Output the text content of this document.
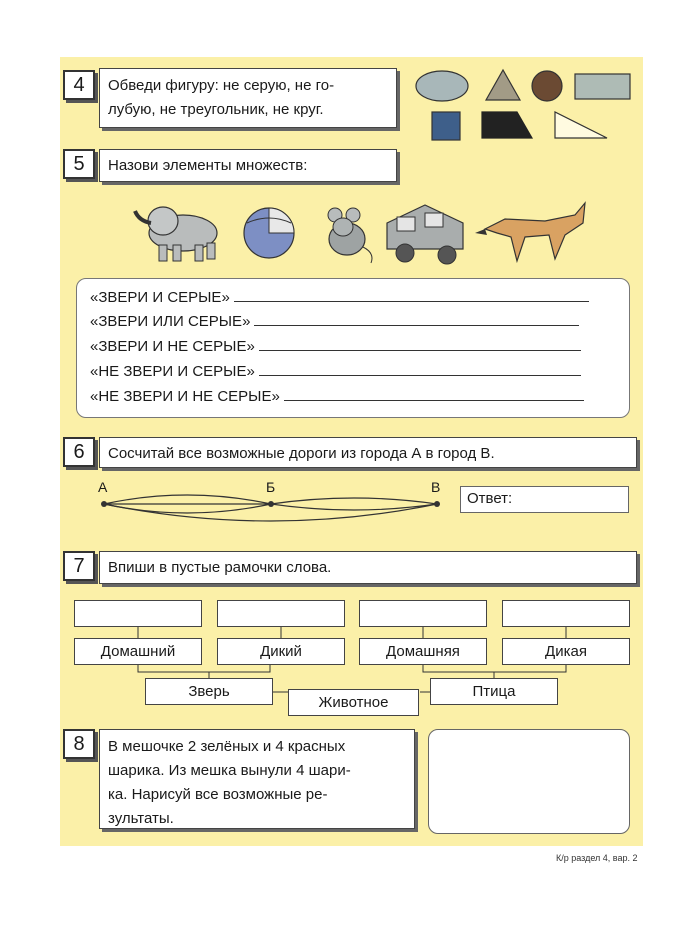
4	Обведи фигуру: не серую, не го-
лубую, не треугольник, не круг.
5	Назови элементы множеств:
«ЗВЕРИ И СЕРЫЕ»
«ЗВЕРИ ИЛИ СЕРЫЕ»
«ЗВЕРИ И НЕ СЕРЫЕ»
«НЕ ЗВЕРИ И СЕРЫЕ»
«НЕ ЗВЕРИ И НЕ СЕРЫЕ»
6	Сосчитай все возможные дороги из города А в город В.
А	Б	В
Ответ:
7	Впиши в пустые рамочки слова.
Домашний	Дикий	Домашняя	Дикая
Зверь	Птица
Животное
8	В мешочке 2 зелёных и 4 красных
шарика. Из мешка вынули 4 шари-
ка. Нарисуй все возможные ре-
зультаты.
К/р раздел 4, вар. 2
